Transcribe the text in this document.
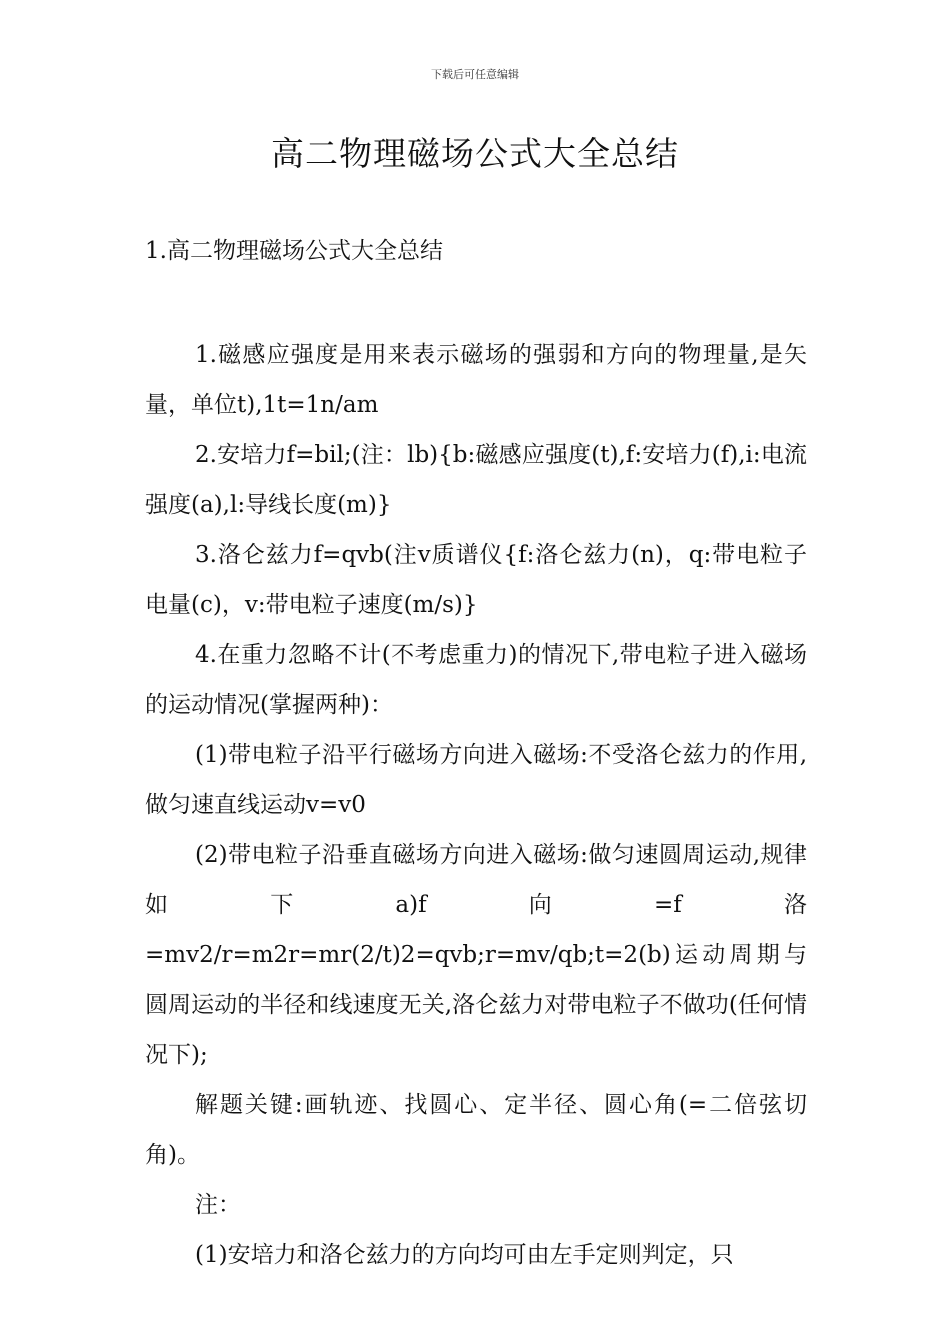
下载后可任意编辑
高二物理磁场公式大全总结
1.高二物理磁场公式大全总结

1.磁感应强度是用来表示磁场的强弱和方向的物理量,是矢量，单位t),1t=1n/am

2.安培力f=bil;(注：lb){b:磁感应强度(t),f:安培力(f),i:电流强度(a),l:导线长度(m)}

3.洛仑兹力f=qvb(注v质谱仪{f:洛仑兹力(n)，q:带电粒子电量(c)，v:带电粒子速度(m/s)}

4.在重力忽略不计(不考虑重力)的情况下,带电粒子进入磁场的运动情况(掌握两种)：

(1)带电粒子沿平行磁场方向进入磁场:不受洛仑兹力的作用,做匀速直线运动v=v0

(2)带电粒子沿垂直磁场方向进入磁场:做匀速圆周运动,规律如下a)f向=f洛=mv2/r=m2r=mr(2/t)2=qvb;r=mv/qb;t=2(b)运动周期与圆周运动的半径和线速度无关,洛仑兹力对带电粒子不做功(任何情况下);

解题关键:画轨迹、找圆心、定半径、圆心角(=二倍弦切角)。

注：

(1)安培力和洛仑兹力的方向均可由左手定则判定，只
